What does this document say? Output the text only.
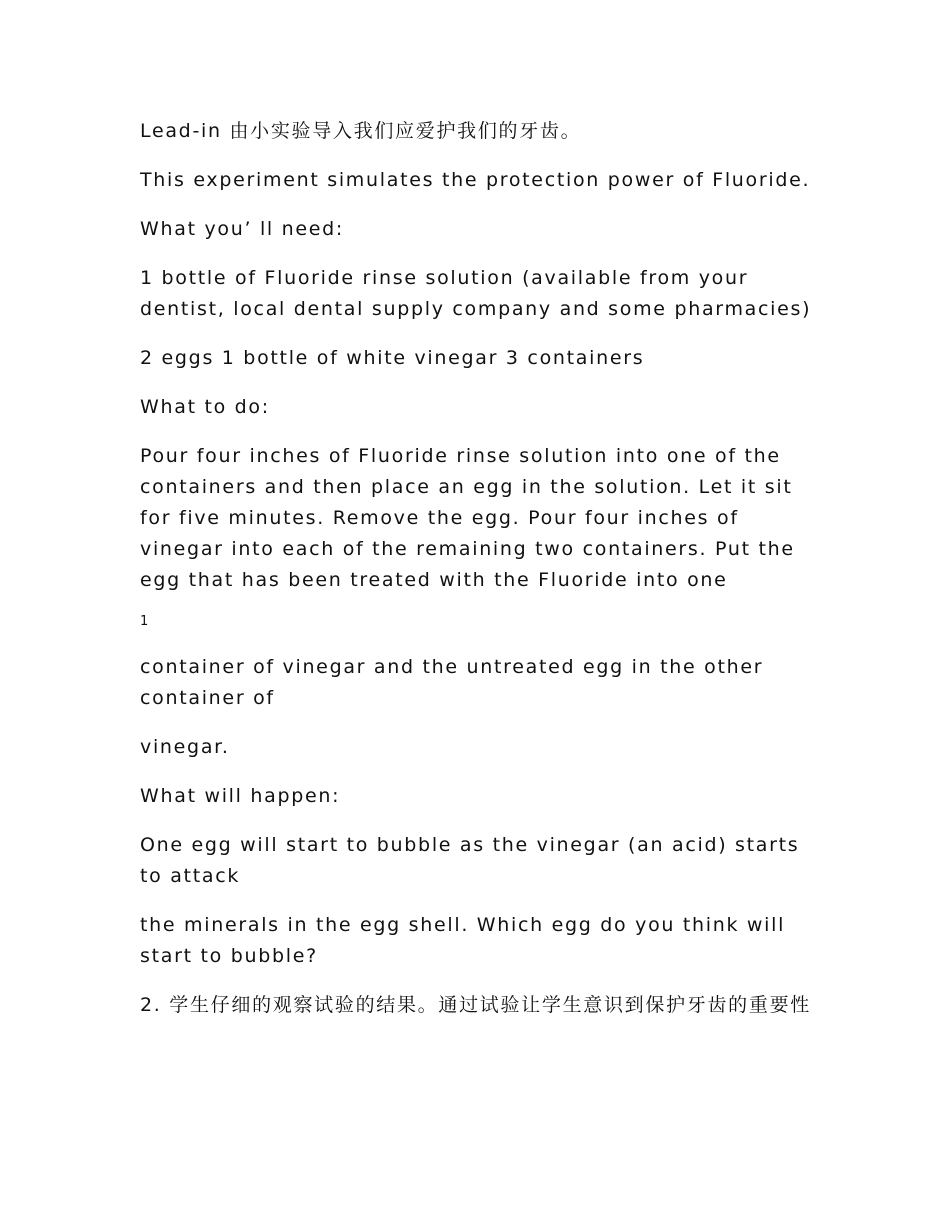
Lead-in 由小实验导入我们应爱护我们的牙齿。

This experiment simulates the protection power of Fluoride.

What you’ ll need:

1 bottle of Fluoride rinse solution (available from your dentist, local dental supply company and some pharmacies)

2 eggs 1 bottle of white vinegar 3 containers

What to do:

Pour four inches of Fluoride rinse solution into one of the containers and then place an egg in the solution. Let it sit for five minutes. Remove the egg. Pour four inches of vinegar into each of the remaining two containers. Put the egg that has been treated with the Fluoride into one

1

container of vinegar and the untreated egg in the other container of

vinegar.

What will happen:

One egg will start to bubble as the vinegar (an acid) starts to attack

the minerals in the egg shell. Which egg do you think will start to bubble?

2. 学生仔细的观察试验的结果。通过试验让学生意识到保护牙齿的重要性
